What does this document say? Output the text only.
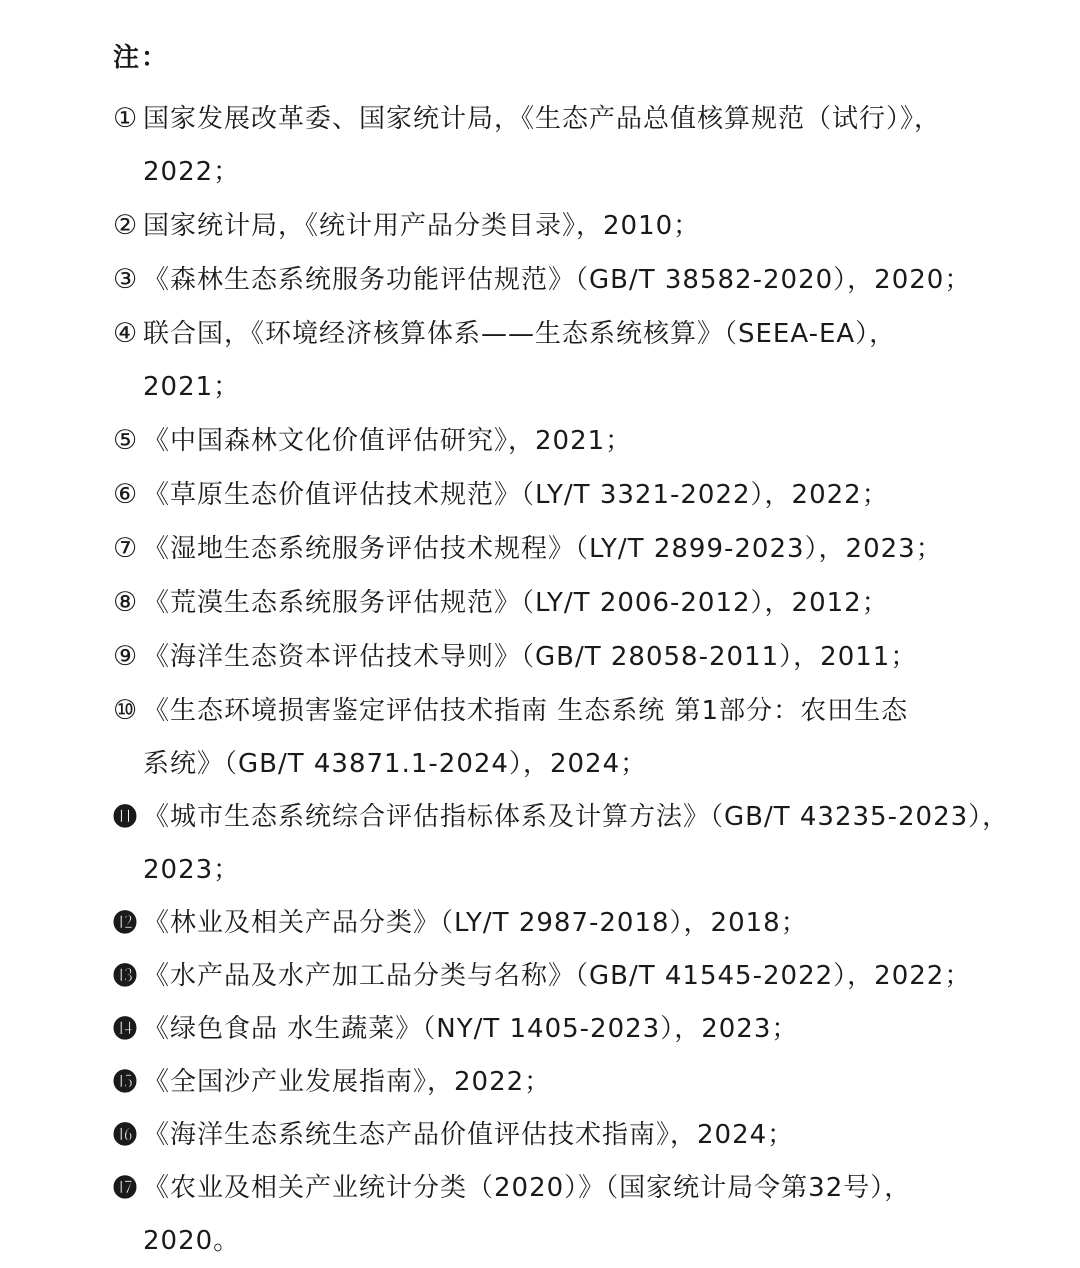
注：
① 国家发展改革委、国家统计局，《生态产品总值核算规范（试行）》，
2022；
② 国家统计局，《统计用产品分类目录》，2010；
③ 《森林生态系统服务功能评估规范》（GB/T 38582-2020），2020；
④ 联合国，《环境经济核算体系——生态系统核算》（SEEA-EA），
2021；
⑤ 《中国森林文化价值评估研究》，2021；
⑥ 《草原生态价值评估技术规范》（LY/T 3321-2022），2022；
⑦ 《湿地生态系统服务评估技术规程》（LY/T 2899-2023），2023；
⑧ 《荒漠生态系统服务评估规范》（LY/T 2006-2012），2012；
⑨ 《海洋生态资本评估技术导则》（GB/T 28058-2011），2011；
⑩ 《生态环境损害鉴定评估技术指南 生态系统 第1部分：农田生态
系统》（GB/T 43871.1-2024），2024；
⓫ 《城市生态系统综合评估指标体系及计算方法》（GB/T 43235-2023），
2023；
⓬ 《林业及相关产品分类》（LY/T 2987-2018），2018；
⓭ 《水产品及水产加工品分类与名称》（GB/T 41545-2022），2022；
⓮ 《绿色食品 水生蔬菜》（NY/T 1405-2023），2023；
⓯ 《全国沙产业发展指南》，2022；
⓰ 《海洋生态系统生态产品价值评估技术指南》，2024；
⓱ 《农业及相关产业统计分类（2020）》（国家统计局令第32号），
2020。
